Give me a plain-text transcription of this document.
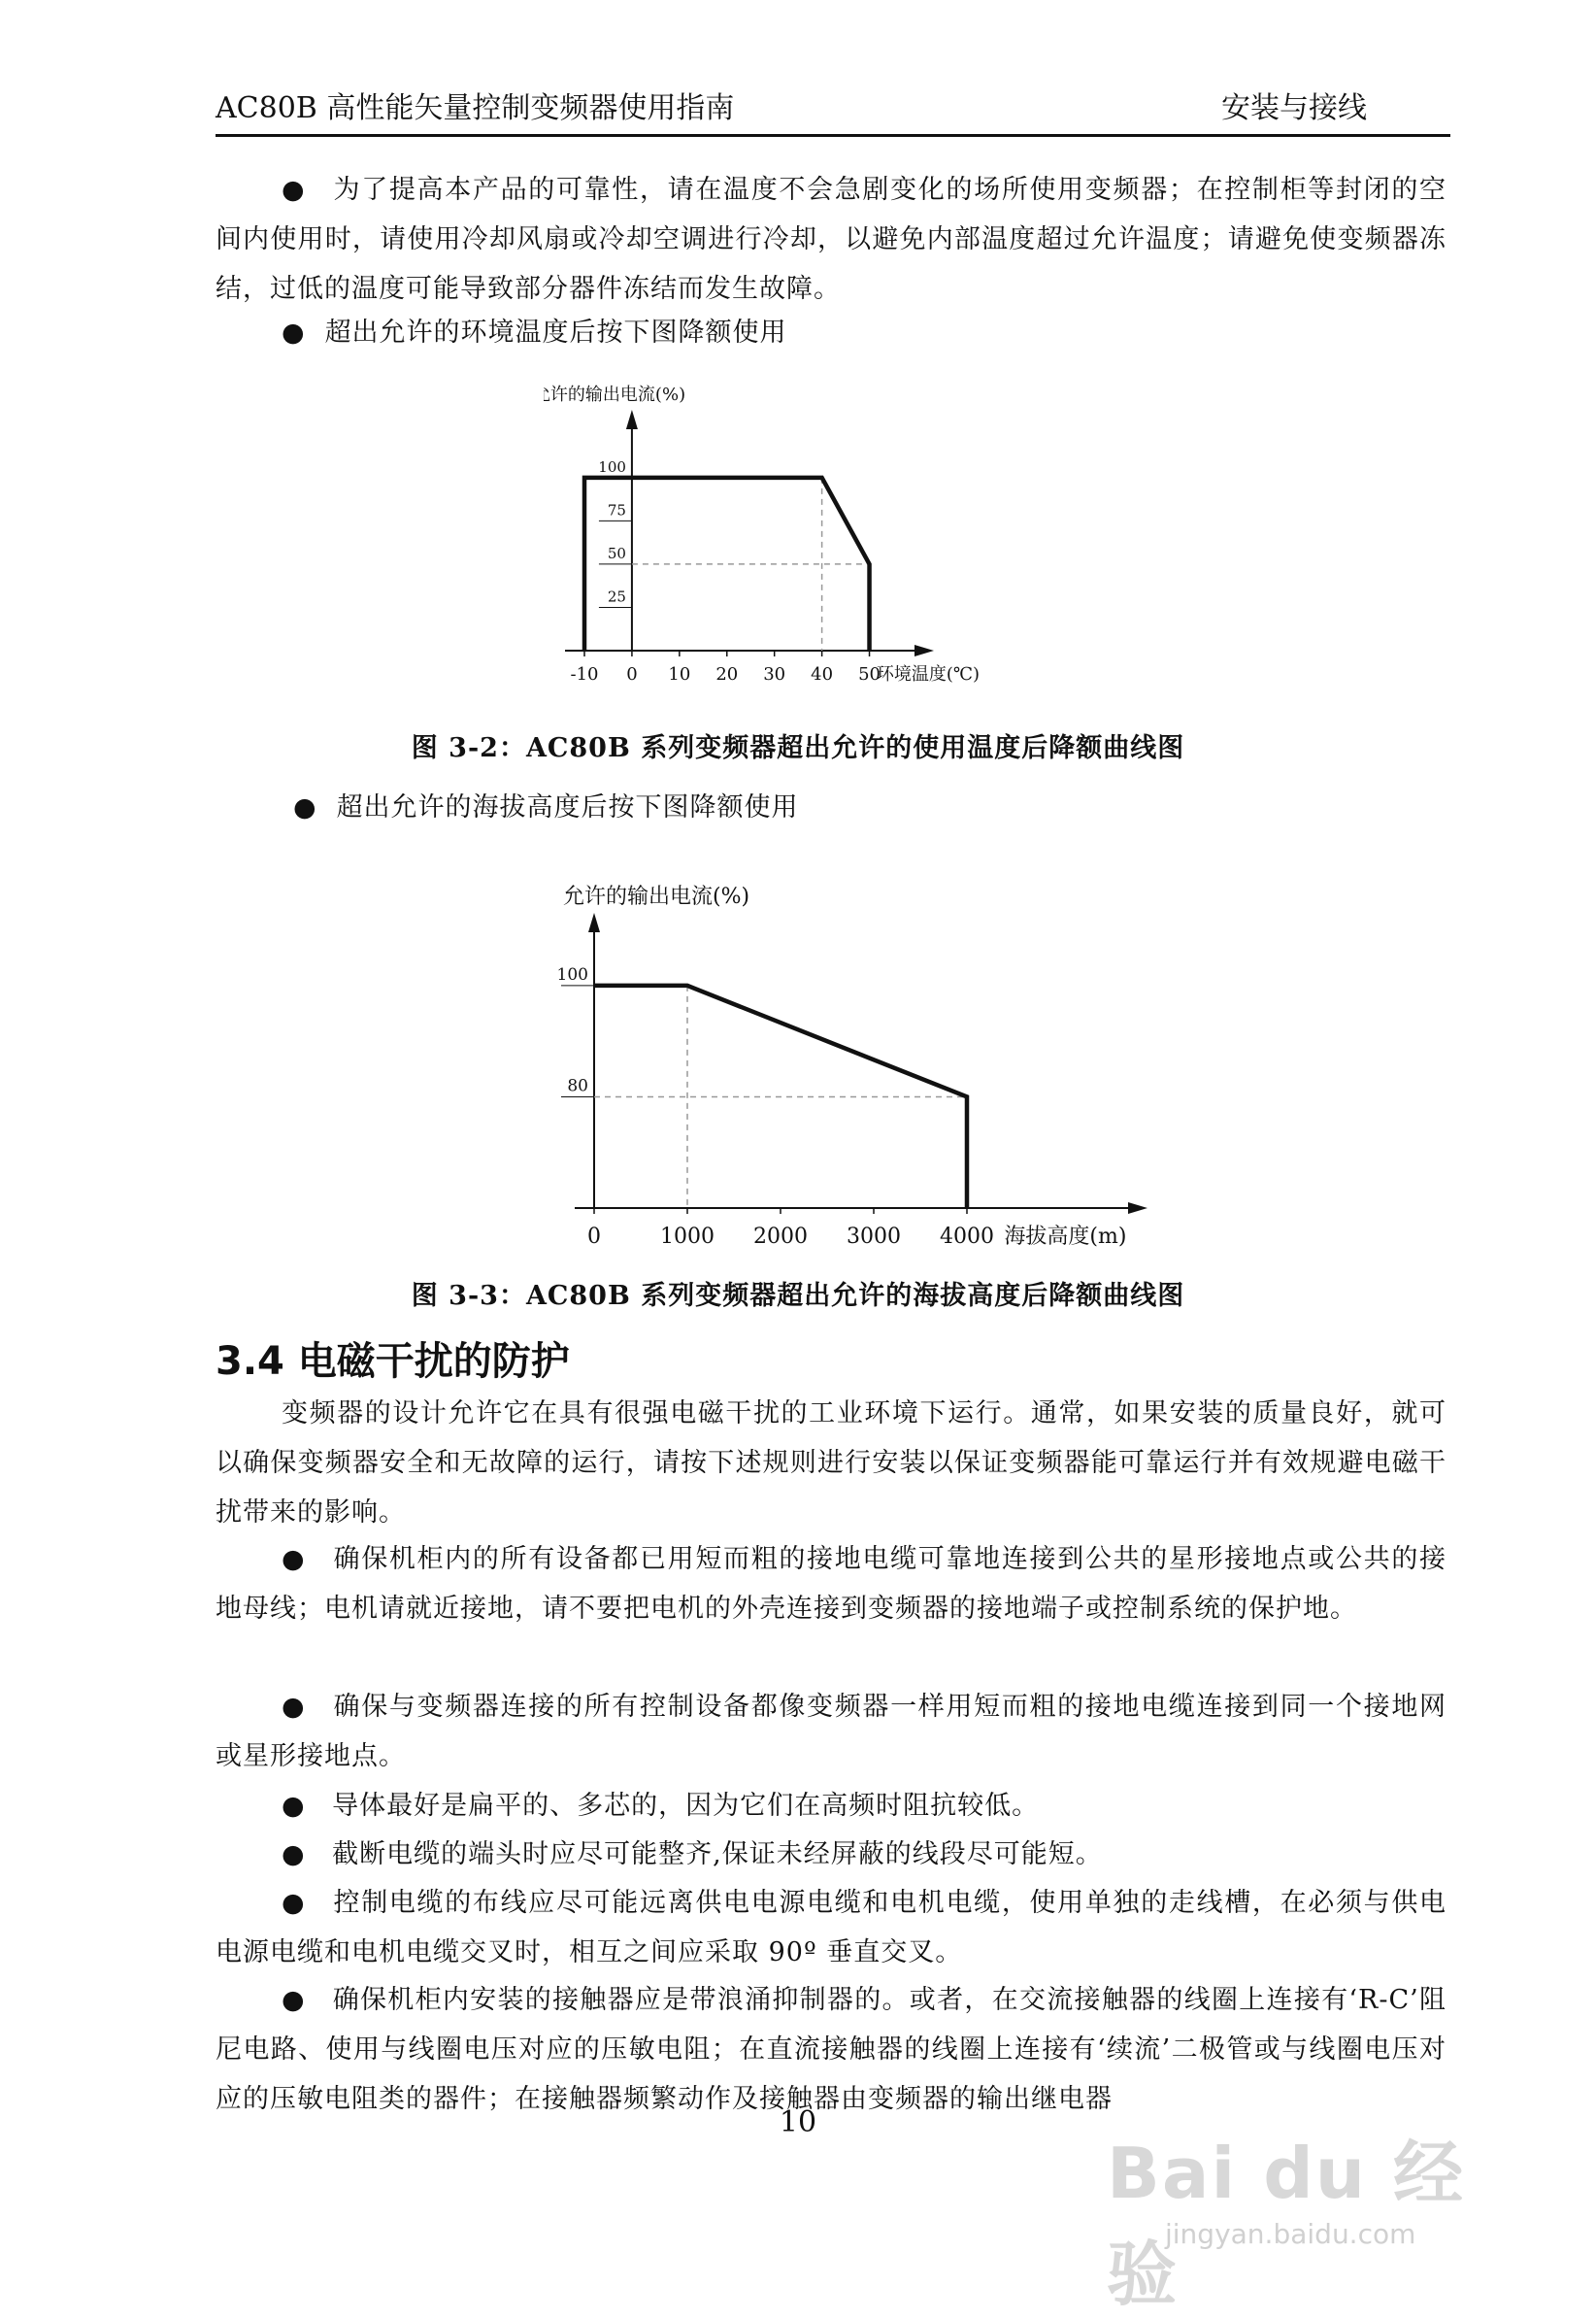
AC80B 高性能矢量控制变频器使用指南	安装与接线
● 为了提高本产品的可靠性，请在温度不会急剧变化的场所使用变频器；在控制柜等封闭的空间内使用时，请使用冷却风扇或冷却空调进行冷却，以避免内部温度超过允许温度；请避免使变频器冻结，过低的温度可能导致部分器件冻结而发生故障。
● 超出允许的环境温度后按下图降额使用
允许的输出电流(%)
环境温度(℃)
-10 0 10 20 30 40 50
100
75
50
25
图 3-2：AC80B 系列变频器超出允许的使用温度后降额曲线图
● 超出允许的海拔高度后按下图降额使用
允许的输出电流(%)
海拔高度(m)
0	1000 2000 3000 4000
100
80
图 3-3：AC80B 系列变频器超出允许的海拔高度后降额曲线图
3.4 电磁干扰的防护
变频器的设计允许它在具有很强电磁干扰的工业环境下运行。通常，如果安装的质量良好，就可以确保变频器安全和无故障的运行，请按下述规则进行安装以保证变频器能可靠运行并有效规避电磁干扰带来的影响。
● 确保机柜内的所有设备都已用短而粗的接地电缆可靠地连接到公共的星形接地点或公共的接地母线；电机请就近接地，请不要把电机的外壳连接到变频器的接地端子或控制系统的保护地。
● 确保与变频器连接的所有控制设备都像变频器一样用短而粗的接地电缆连接到同一个接地网或星形接地点。
● 导体最好是扁平的、多芯的，因为它们在高频时阻抗较低。
● 截断电缆的端头时应尽可能整齐,保证未经屏蔽的线段尽可能短。
● 控制电缆的布线应尽可能远离供电电源电缆和电机电缆，使用单独的走线槽，在必须与供电电源电缆和电机电缆交叉时，相互之间应采取 90º 垂直交叉。
● 确保机柜内安装的接触器应是带浪涌抑制器的。或者，在交流接触器的线圈上连接有‘R-C’阻尼电路、使用与线圈电压对应的压敏电阻；在直流接触器的线圈上连接有‘续流’二极管或与线圈电压对应的压敏电阻类的器件；在接触器频繁动作及接触器由变频器的输出继电器
10
Bai du 经验
jingyan.baidu.com
